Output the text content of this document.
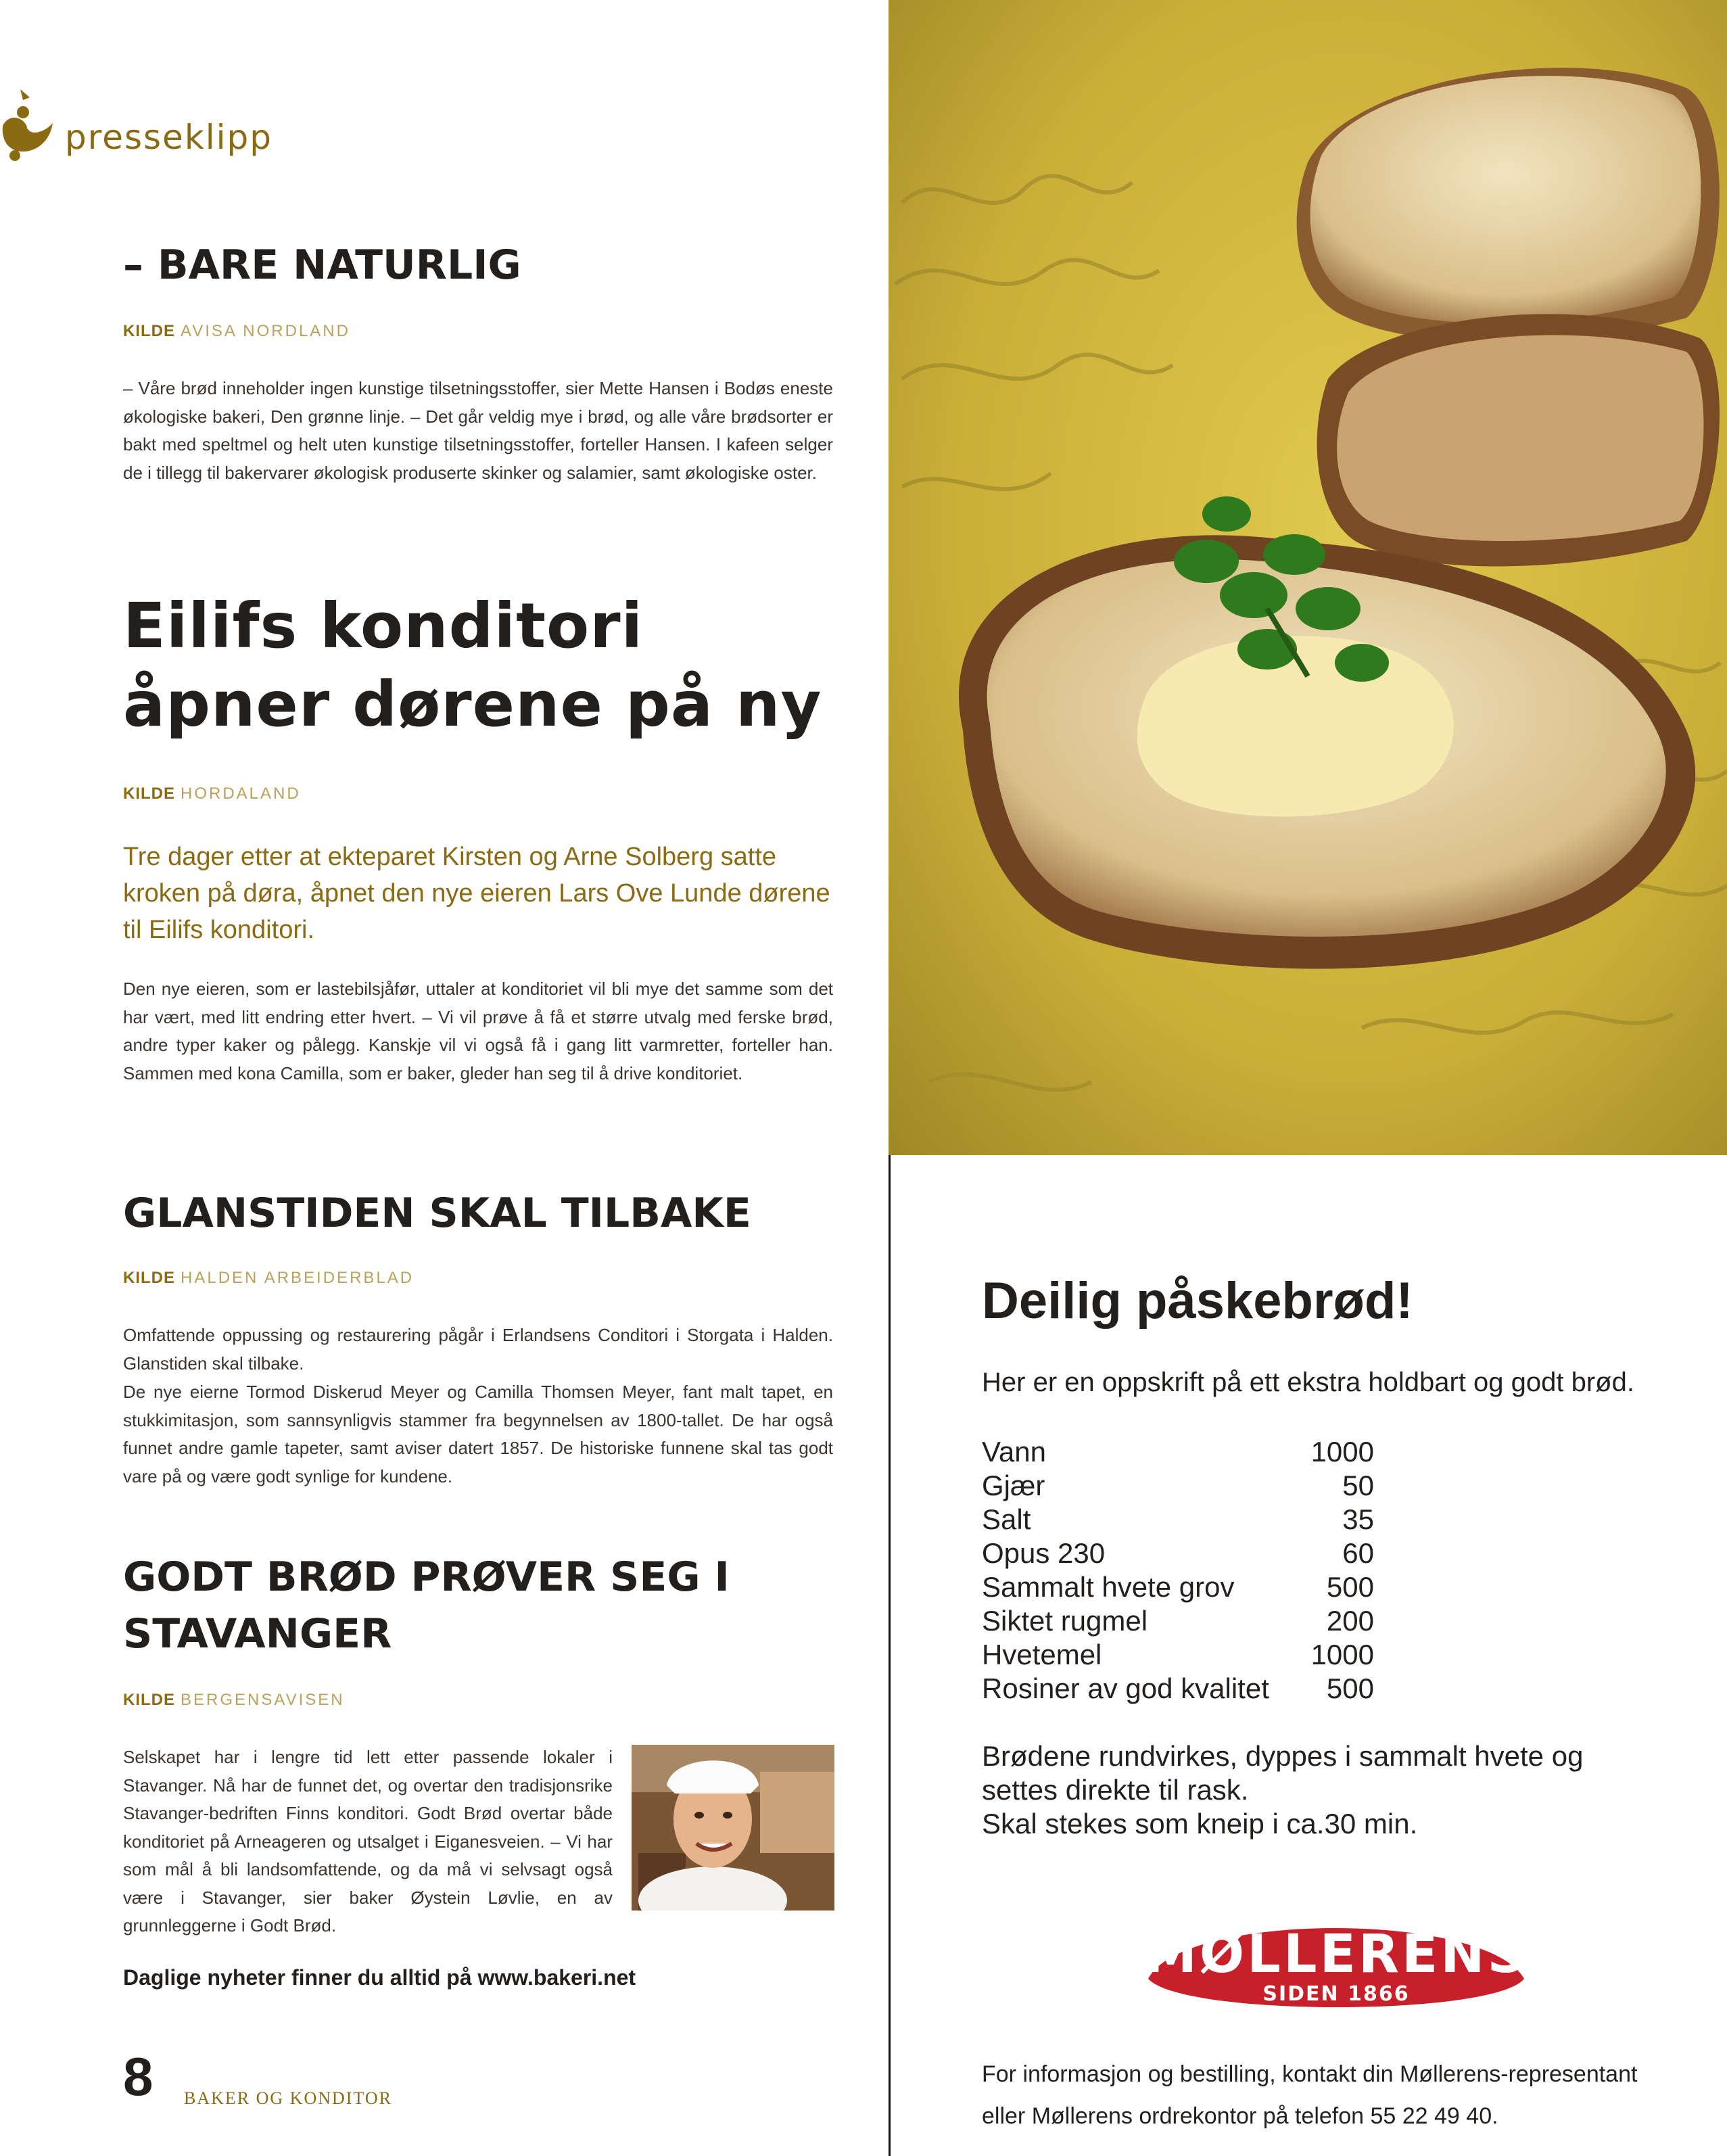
presseklipp
– BARE NATURLIG
KILDE AVISA NORDLAND
– Våre brød inneholder ingen kunstige tilsetningsstoffer, sier Mette Hansen i Bodøs eneste økologiske bakeri, Den grønne linje. – Det går veldig mye i brød, og alle våre brødsorter er bakt med speltmel og helt uten kunstige tilsetningsstoffer, forteller Hansen. I kafeen selger de i tillegg til bakervarer økologisk produserte skinker og salamier, samt økologiske oster.
Eilifs konditori
åpner dørene på ny
KILDE HORDALAND
Tre dager etter at ekteparet Kirsten og Arne Solberg satte kroken på døra, åpnet den nye eieren Lars Ove Lunde dørene til Eilifs konditori.
Den nye eieren, som er lastebilsjåfør, uttaler at konditoriet vil bli mye det samme som det har vært, med litt endring etter hvert. – Vi vil prøve å få et større utvalg med ferske brød, andre typer kaker og pålegg. Kanskje vil vi også få i gang litt varmretter, forteller han. Sammen med kona Camilla, som er baker, gleder han seg til å drive konditoriet.
GLANSTIDEN SKAL TILBAKE
KILDE HALDEN ARBEIDERBLAD
Omfattende oppussing og restaurering pågår i Erlandsens Conditori i Storgata i Halden. Glanstiden skal tilbake.
De nye eierne Tormod Diskerud Meyer og Camilla Thomsen Meyer, fant malt tapet, en stukkimitasjon, som sannsynligvis stammer fra begynnelsen av 1800-tallet. De har også funnet andre gamle tapeter, samt aviser datert 1857. De historiske funnene skal tas godt vare på og være godt synlige for kundene.
GODT BRØD PRØVER SEG I
STAVANGER
KILDE BERGENSAVISEN
Selskapet har i lengre tid lett etter passende lokaler i Stavanger. Nå har de funnet det, og overtar den tradisjonsrike Stavanger-bedriften Finns konditori. Godt Brød overtar både konditoriet på Arneageren og utsalget i Eiganesveien. – Vi har som mål å bli landsomfattende, og da må vi selvsagt også være i Stavanger, sier baker Øystein Løvlie, en av grunnleggerne i Godt Brød.
Daglige nyheter finner du alltid på www.bakeri.net
8 BAKER OG KONDITOR
Deilig påskebrød!
Her er en oppskrift på ett ekstra holdbart og godt brød.
Vann	1000
Gjær	50
Salt	35
Opus 230	60
Sammalt hvete grov	500
Siktet rugmel	200
Hvetemel	1000
Rosiner av god kvalitet 500
Brødene rundvirkes, dyppes i sammalt hvete og
settes direkte til rask.
Skal stekes som kneip i ca.30 min.
MØLLERENS
SIDEN 1866
For informasjon og bestilling, kontakt din Møllerens-representant
eller Møllerens ordrekontor på telefon 55 22 49 40.
